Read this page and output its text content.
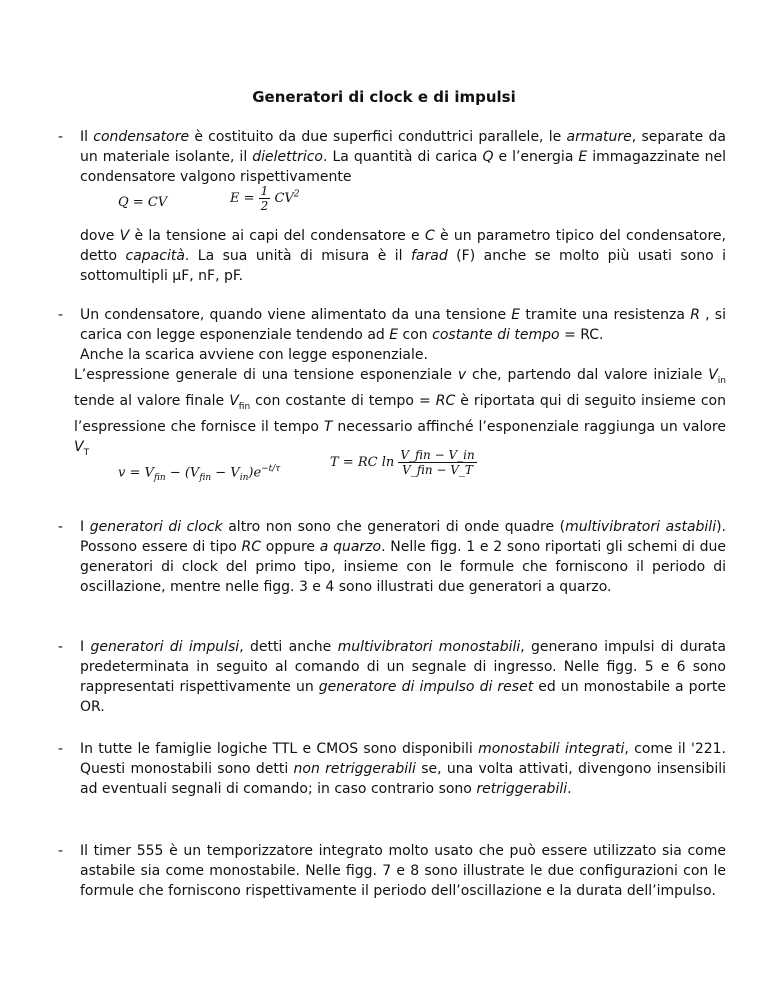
Generatori di clock e di impulsi
- Il condensatore è costituito da due superfici conduttrici parallele, le armature, separate da un materiale isolante, il dielettrico. La quantità di carica Q e l’energia E immagazzinate nel condensatore valgono rispettivamente
Q = CV	$E = \frac{1}{2} CV^2$
dove V è la tensione ai capi del condensatore e C è un parametro tipico del condensatore, detto capacità. La sua unità di misura è il farad (F) anche se molto più usati sono i sottomultipli μF, nF, pF.
- Un condensatore, quando viene alimentato da una tensione E tramite una resistenza R , si carica con legge esponenziale tendendo ad E con costante di tempo = RC.
Anche la scarica avviene con legge esponenziale.
L’espressione generale di una tensione esponenziale v che, partendo dal valore iniziale $V_{in}$ tende al valore finale $V_{fin}$ con costante di tempo = RC è riportata qui di seguito insieme con l’espressione che fornisce il tempo T necessario affinché l’esponenziale raggiunga un valore $V_T$
$v = V_{fin} - (V_{fin} - V_{in})e^{-t/\tau}$	T = RC $\ln \frac{\text{V\_fin − V\_in}}{\text{V\_fin − V\_T}}$
- I generatori di clock altro non sono che generatori di onde quadre (multivibratori astabili). Possono essere di tipo RC oppure a quarzo. Nelle figg. 1 e 2 sono riportati gli schemi di due generatori di clock del primo tipo, insieme con le formule che forniscono il periodo di oscillazione, mentre nelle figg. 3 e 4 sono illustrati due generatori a quarzo.
- I generatori di impulsi, detti anche multivibratori monostabili, generano impulsi di durata predeterminata in seguito al comando di un segnale di ingresso. Nelle figg. 5 e 6 sono rappresentati rispettivamente un generatore di impulso di reset ed un monostabile a porte OR.
- In tutte le famiglie logiche TTL e CMOS sono disponibili monostabili integrati, come il '221. Questi monostabili sono detti non retriggerabili se, una volta attivati, divengono insensibili ad eventuali segnali di comando; in caso contrario sono retriggerabili.
- Il timer 555 è un temporizzatore integrato molto usato che può essere utilizzato sia come astabile sia come monostabile. Nelle figg. 7 e 8 sono illustrate le due configurazioni con le formule che forniscono rispettivamente il periodo dell’oscillazione e la durata dell’impulso.
